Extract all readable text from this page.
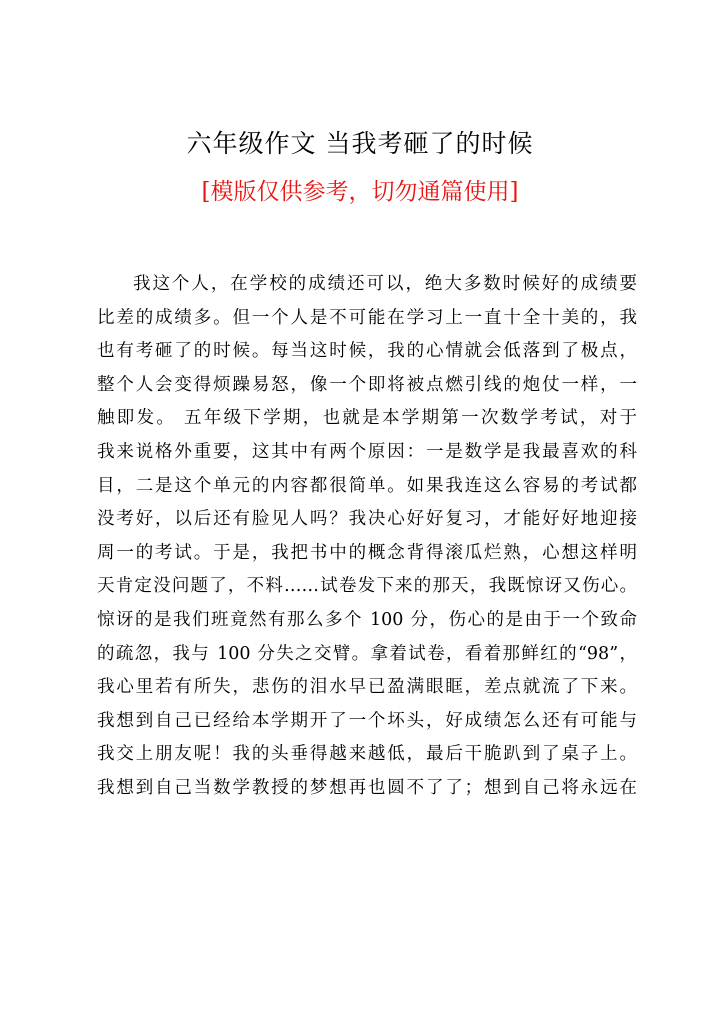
六年级作文 当我考砸了的时候
[模版仅供参考，切勿通篇使用]
我这个人，在学校的成绩还可以，绝大多数时候好的成绩要
比差的成绩多。但一个人是不可能在学习上一直十全十美的，我
也有考砸了的时候。每当这时候，我的心情就会低落到了极点，
整个人会变得烦躁易怒，像一个即将被点燃引线的炮仗一样，一
触即发。 五年级下学期，也就是本学期第一次数学考试，对于
我来说格外重要，这其中有两个原因：一是数学是我最喜欢的科
目，二是这个单元的内容都很简单。如果我连这么容易的考试都
没考好，以后还有脸见人吗？我决心好好复习，才能好好地迎接
周一的考试。于是，我把书中的概念背得滚瓜烂熟，心想这样明
天肯定没问题了，不料……试卷发下来的那天，我既惊讶又伤心。
惊讶的是我们班竟然有那么多个 100 分，伤心的是由于一个致命
的疏忽，我与 100 分失之交臂。拿着试卷，看着那鲜红的“98”，
我心里若有所失，悲伤的泪水早已盈满眼眶，差点就流了下来。
我想到自己已经给本学期开了一个坏头，好成绩怎么还有可能与
我交上朋友呢！我的头垂得越来越低，最后干脆趴到了桌子上。
我想到自己当数学教授的梦想再也圆不了了；想到自己将永远在
